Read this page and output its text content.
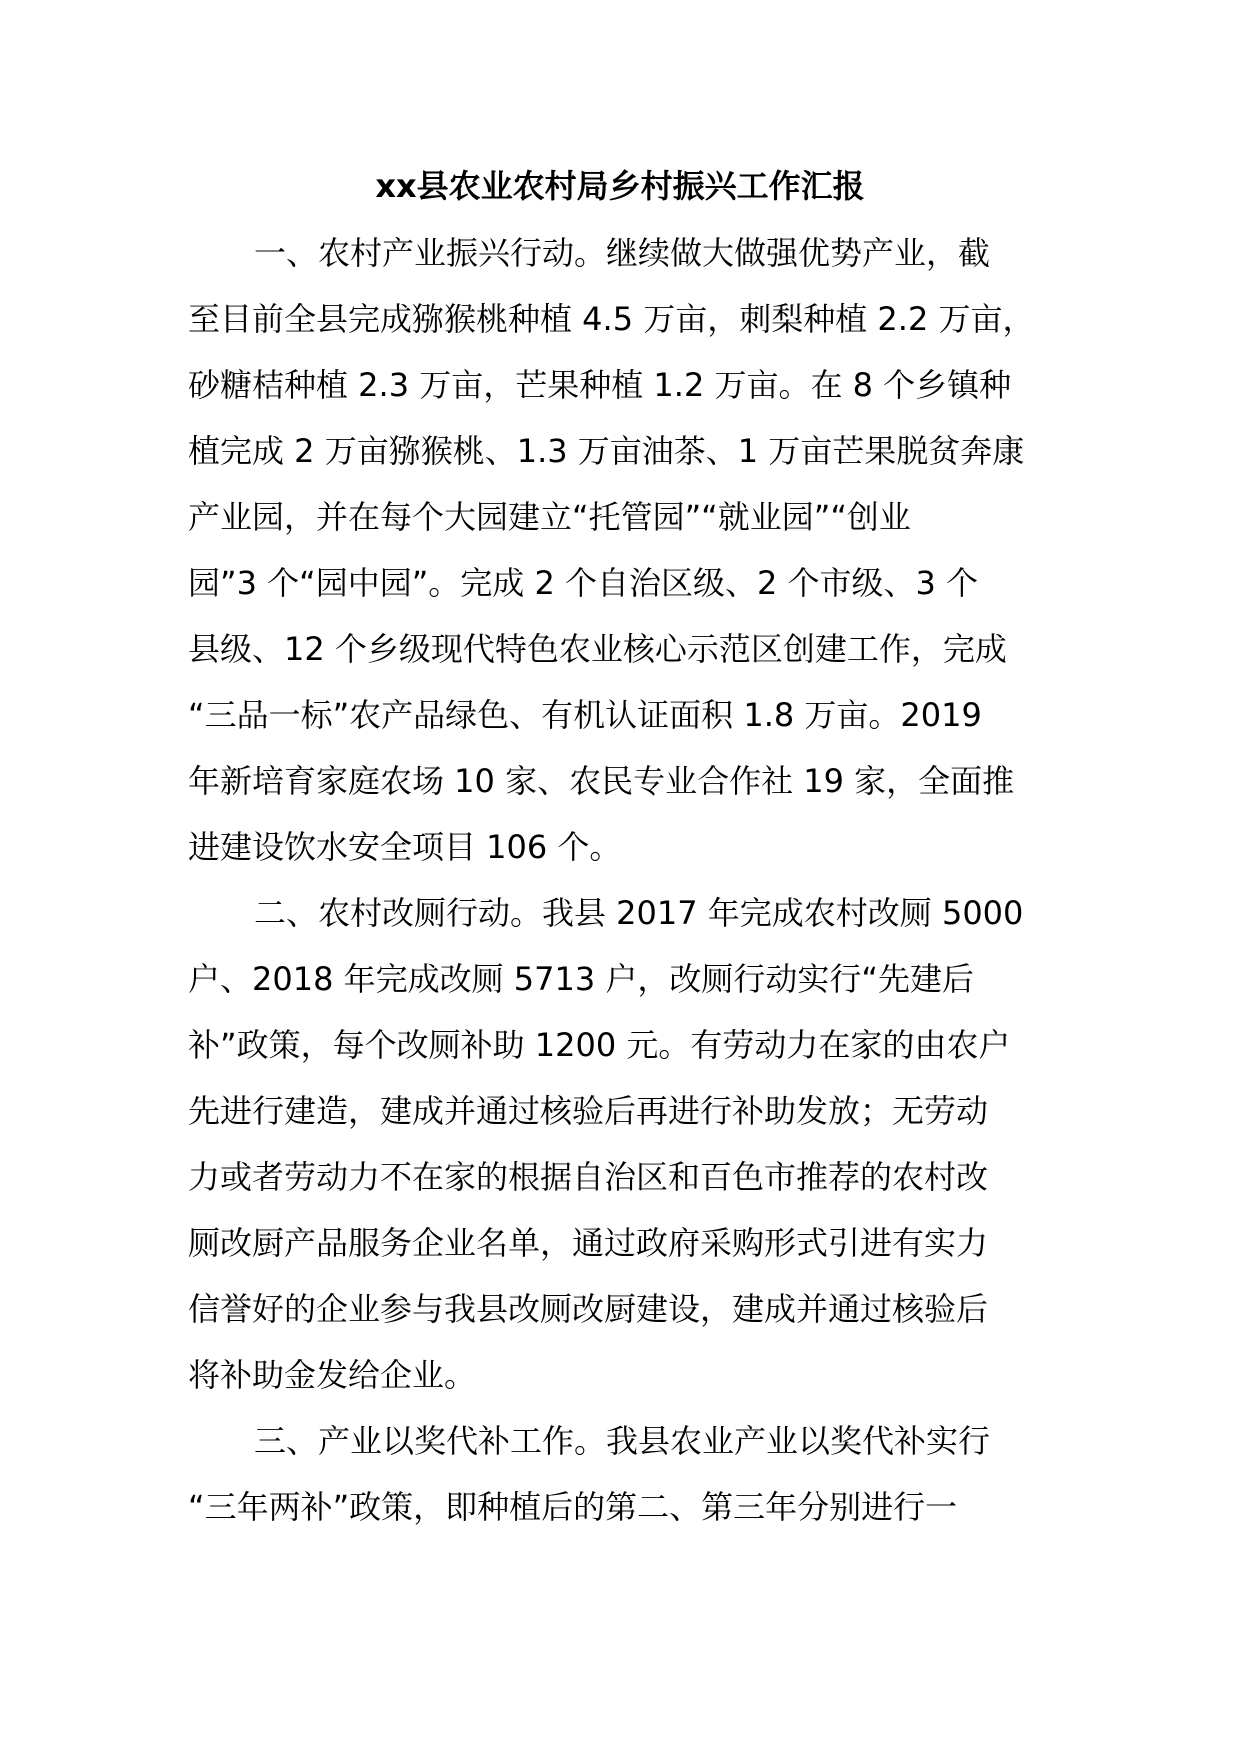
xx县农业农村局乡村振兴工作汇报
一、农村产业振兴行动。继续做大做强优势产业，截
至目前全县完成猕猴桃种植 4.5 万亩，刺梨种植 2.2 万亩，
砂糖桔种植 2.3 万亩，芒果种植 1.2 万亩。在 8 个乡镇种
植完成 2 万亩猕猴桃、1.3 万亩油茶、1 万亩芒果脱贫奔康
产业园，并在每个大园建立“托管园”“就业园”“创业
园”3 个“园中园”。完成 2 个自治区级、2 个市级、3 个
县级、12 个乡级现代特色农业核心示范区创建工作，完成
“三品一标”农产品绿色、有机认证面积 1.8 万亩。2019
年新培育家庭农场 10 家、农民专业合作社 19 家，全面推
进建设饮水安全项目 106 个。
二、农村改厕行动。我县 2017 年完成农村改厕 5000
户、2018 年完成改厕 5713 户，改厕行动实行“先建后
补”政策，每个改厕补助 1200 元。有劳动力在家的由农户
先进行建造，建成并通过核验后再进行补助发放；无劳动
力或者劳动力不在家的根据自治区和百色市推荐的农村改
厕改厨产品服务企业名单，通过政府采购形式引进有实力
信誉好的企业参与我县改厕改厨建设，建成并通过核验后
将补助金发给企业。
三、产业以奖代补工作。我县农业产业以奖代补实行
“三年两补”政策，即种植后的第二、第三年分别进行一
